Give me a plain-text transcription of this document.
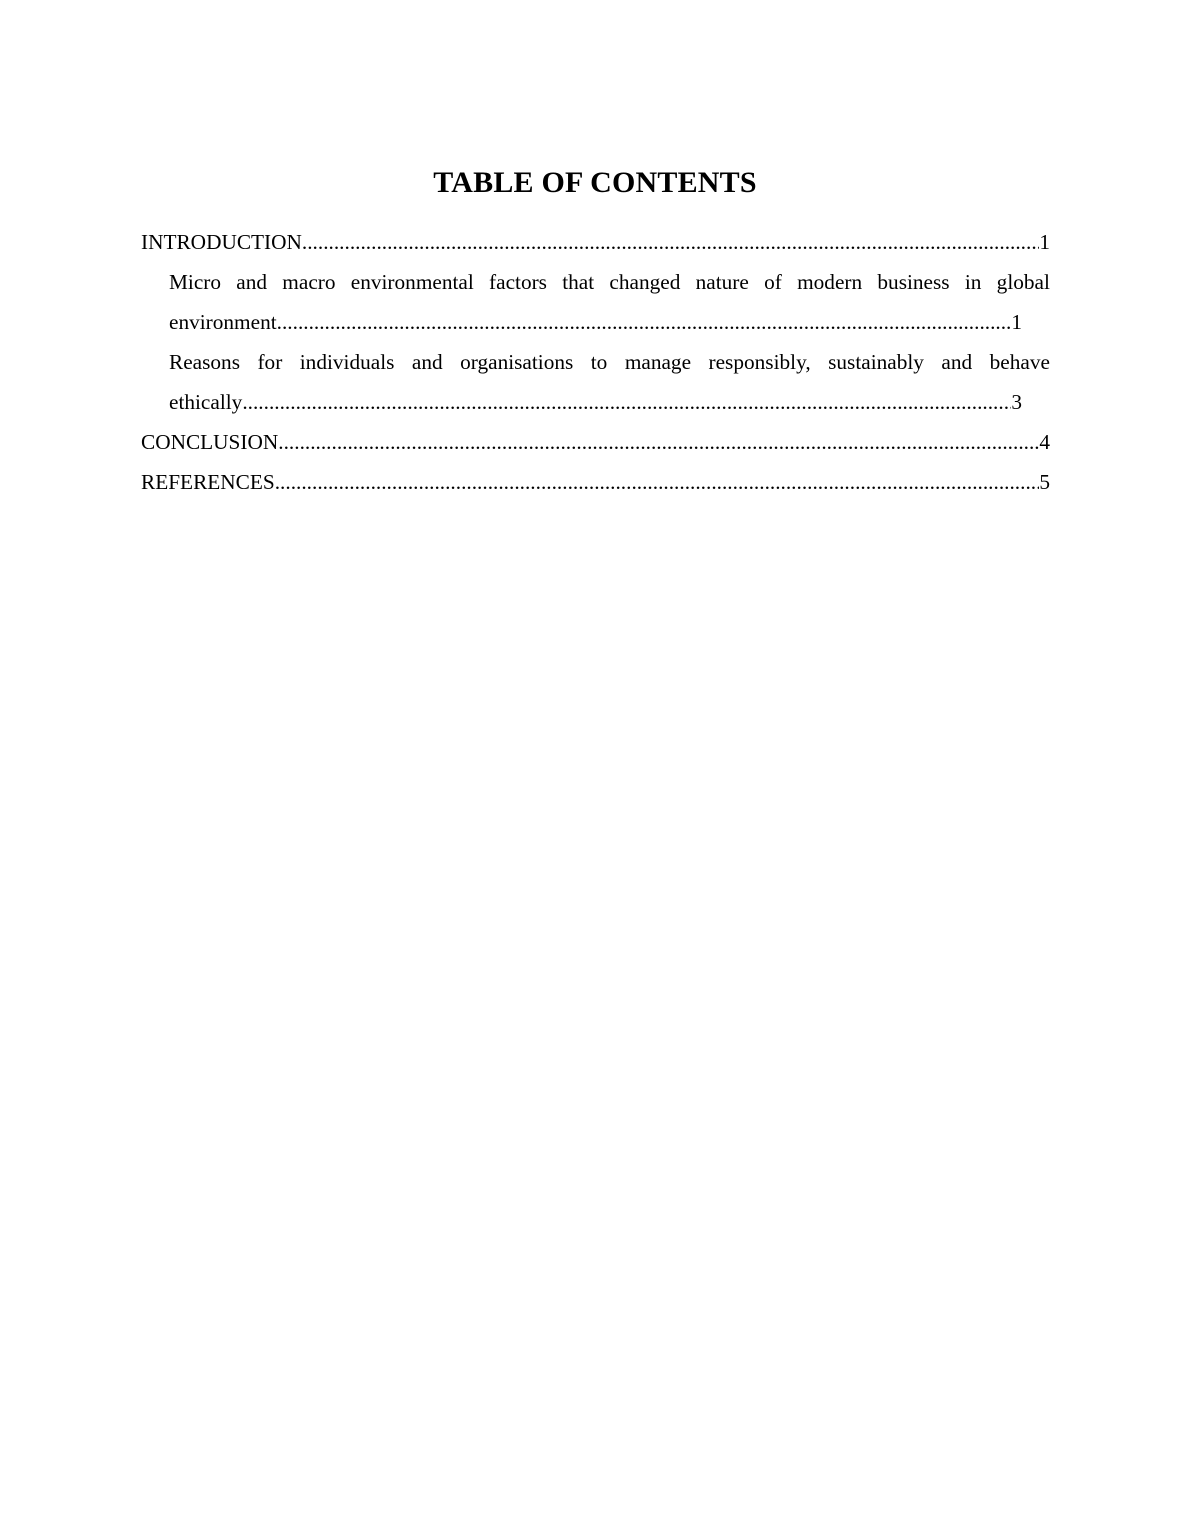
TABLE OF CONTENTS
INTRODUCTION .....	1
Micro and macro environmental factors that changed nature of modern business in global
environment .....	1
Reasons for individuals and organisations to manage responsibly, sustainably and behave
ethically .....	3
CONCLUSION .....	4
REFERENCES .....	5
